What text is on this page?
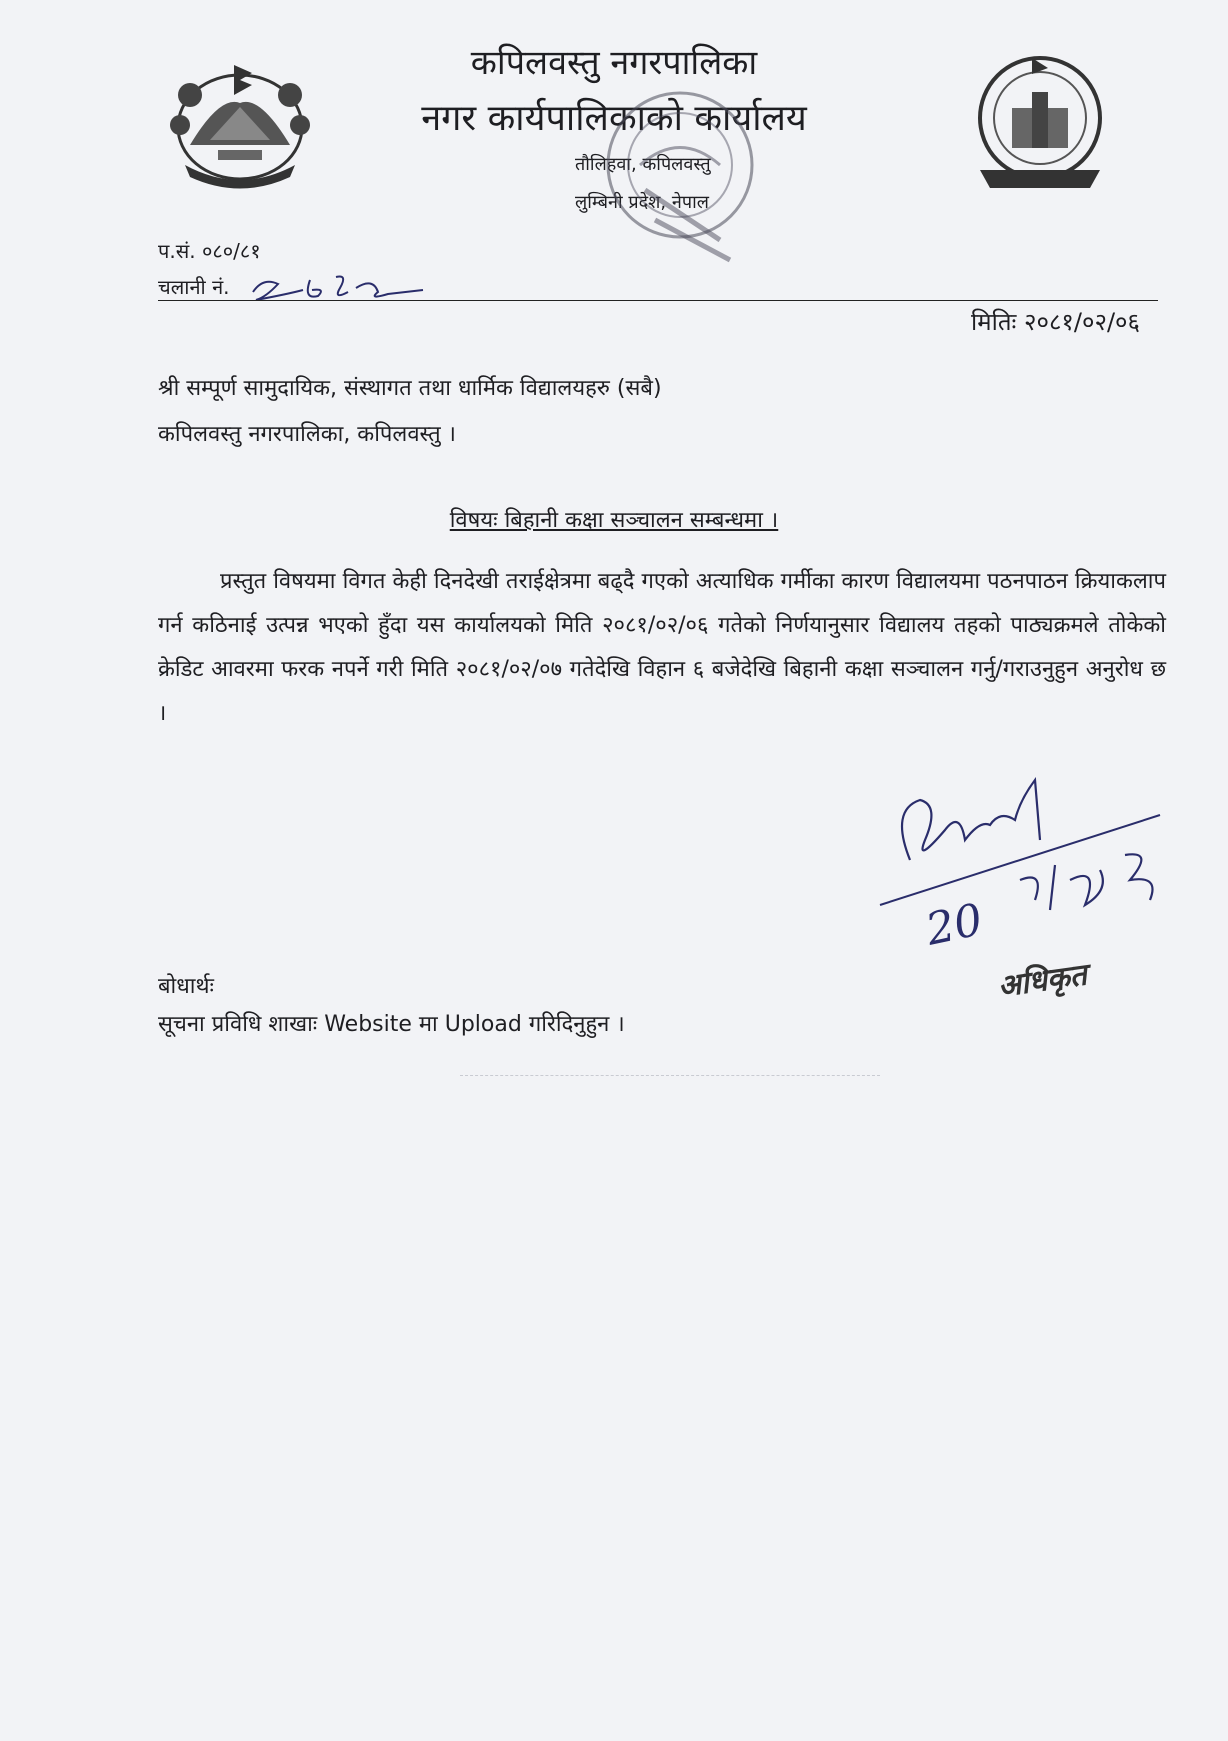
कपिलवस्तु नगरपालिका
नगर कार्यपालिकाको कार्यालय
तौलिहवा, कपिलवस्तु
लुम्बिनी प्रदेश, नेपाल
प.सं. ०८०/८१
चलानी नं.
मितिः २०८१/०२/०६
श्री सम्पूर्ण सामुदायिक, संस्थागत तथा धार्मिक विद्यालयहरु (सबै)
कपिलवस्तु नगरपालिका, कपिलवस्तु ।
विषयः बिहानी कक्षा सञ्चालन सम्बन्धमा ।
प्रस्तुत विषयमा विगत केही दिनदेखी तराईक्षेत्रमा बढ्दै गएको अत्याधिक गर्मीका कारण विद्यालयमा पठनपाठन क्रियाकलाप गर्न कठिनाई उत्पन्न भएको हुँदा यस कार्यालयको मिति २०८१/०२/०६ गतेको निर्णयानुसार विद्यालय तहको पाठ्यक्रमले तोकेको क्रेडिट आवरमा फरक नपर्ने गरी मिति २०८१/०२/०७ गतेदेखि विहान ६ बजेदेखि बिहानी कक्षा सञ्चालन गर्नु/गराउनुहुन अनुरोध छ ।
20
अधिकृत
बोधार्थः
सूचना प्रविधि शाखाः Website मा Upload गरिदिनुहुन ।
